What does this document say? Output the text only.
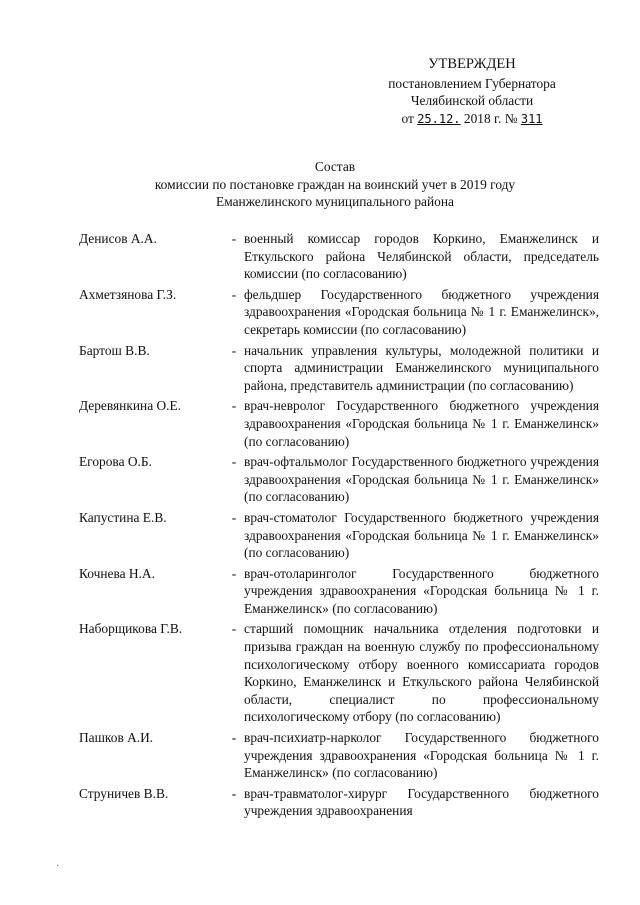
УТВЕРЖДЕН
постановлением Губернатора
Челябинской области
от 25.12. 2018 г. № 311
Состав
комиссии по постановке граждан на воинский учет в 2019 году
Еманжелинского муниципального района
Денисов А.А.	- военный комиссар городов Коркино, Еманжелинск и Еткульского района Челябинской области, председатель комиссии (по согласованию)
Ахметзянова Г.З.	- фельдшер Государственного бюджетного учреждения здравоохранения «Городская больница № 1 г. Еманжелинск», секретарь комиссии (по согласованию)
Бартош В.В.	- начальник управления культуры, молодежной политики и спорта администрации Еманжелинского муниципального района, представитель администрации (по согласованию)
Деревянкина О.Е.	- врач-невролог Государственного бюджетного учреждения здравоохранения «Городская больница № 1 г. Еманжелинск» (по согласованию)
Егорова О.Б.	- врач-офтальмолог Государственного бюджетного учреждения здравоохранения «Городская больница № 1 г. Еманжелинск» (по согласованию)
Капустина Е.В.	- врач-стоматолог Государственного бюджетного учреждения здравоохранения «Городская больница № 1 г. Еманжелинск» (по согласованию)
Кочнева Н.А.	- врач-отоларинголог Государственного бюджетного учреждения здравоохранения «Городская больница № 1 г. Еманжелинск» (по согласованию)
Наборщикова Г.В.	- старший помощник начальника отделения подготовки и призыва граждан на военную службу по профессиональному психологическому отбору военного комиссариата городов Коркино, Еманжелинск и Еткульского района Челябинской области, специалист по профессиональному психологическому отбору (по согласованию)
Пашков А.И.	- врач-психиатр-нарколог Государственного бюджетного учреждения здравоохранения «Городская больница № 1 г. Еманжелинск» (по согласованию)
Струничев В.В.	- врач-травматолог-хирург Государственного бюджетного учреждения здравоохранения
·
